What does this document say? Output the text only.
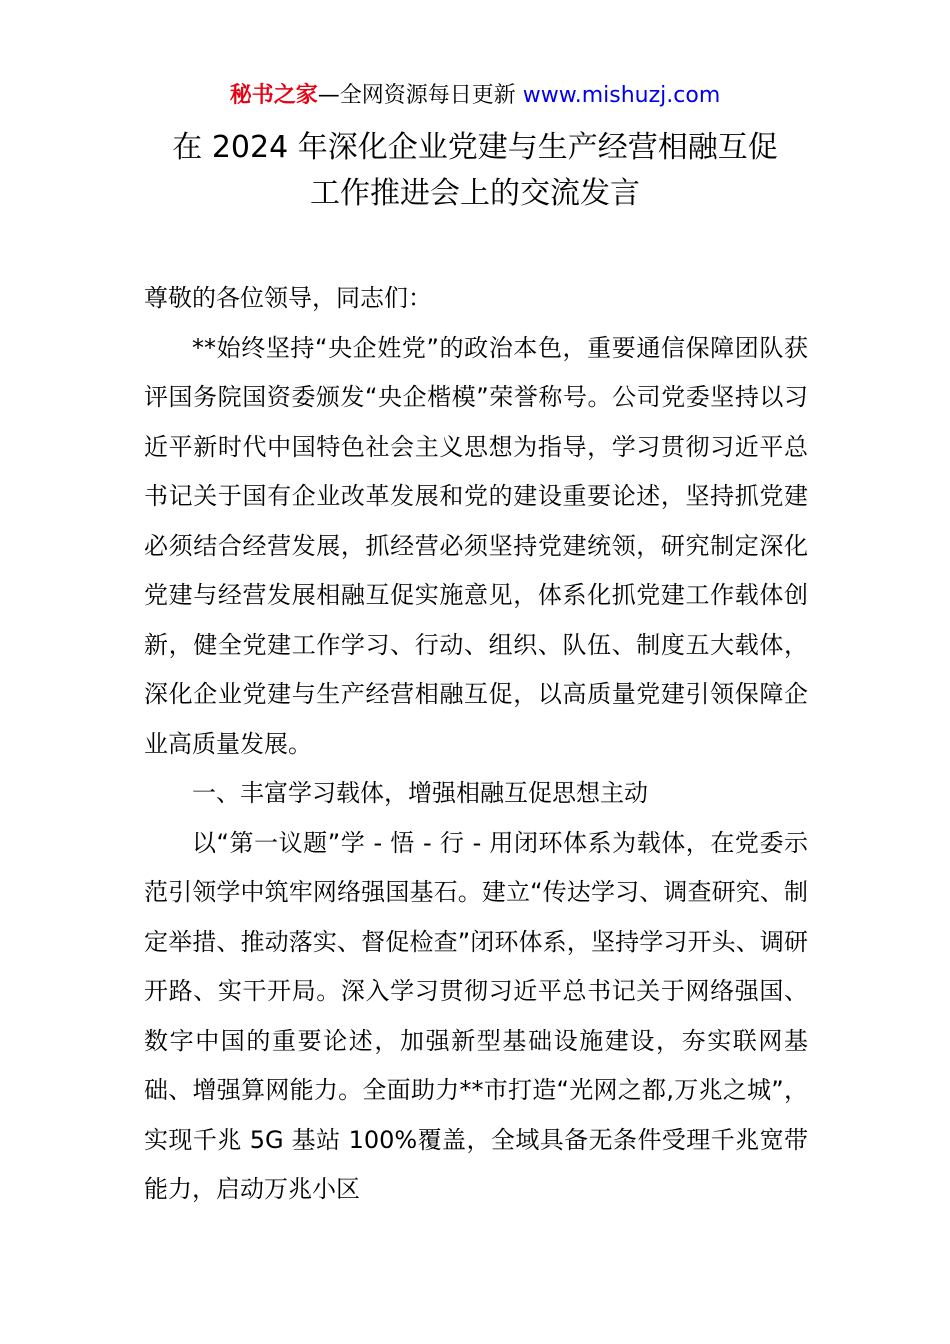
秘书之家—全网资源每日更新 www.mishuzj.com
在 2024 年深化企业党建与生产经营相融互促
工作推进会上的交流发言

尊敬的各位领导，同志们：

**始终坚持“央企姓党”的政治本色，重要通信保障团队获评国务院国资委颁发“央企楷模”荣誉称号。公司党委坚持以习近平新时代中国特色社会主义思想为指导，学习贯彻习近平总书记关于国有企业改革发展和党的建设重要论述，坚持抓党建必须结合经营发展，抓经营必须坚持党建统领，研究制定深化党建与经营发展相融互促实施意见，体系化抓党建工作载体创新，健全党建工作学习、行动、组织、队伍、制度五大载体，深化企业党建与生产经营相融互促，以高质量党建引领保障企业高质量发展。

一、丰富学习载体，增强相融互促思想主动

以“第一议题”学 - 悟 - 行 - 用闭环体系为载体，在党委示范引领学中筑牢网络强国基石。建立“传达学习、调查研究、制定举措、推动落实、督促检查”闭环体系，坚持学习开头、调研开路、实干开局。深入学习贯彻习近平总书记关于网络强国、数字中国的重要论述，加强新型基础设施建设，夯实联网基础、增强算网能力。全面助力**市打造“光网之都,万兆之城”，实现千兆 5G 基站 100%覆盖，全域具备无条件受理千兆宽带能力，启动万兆小区
